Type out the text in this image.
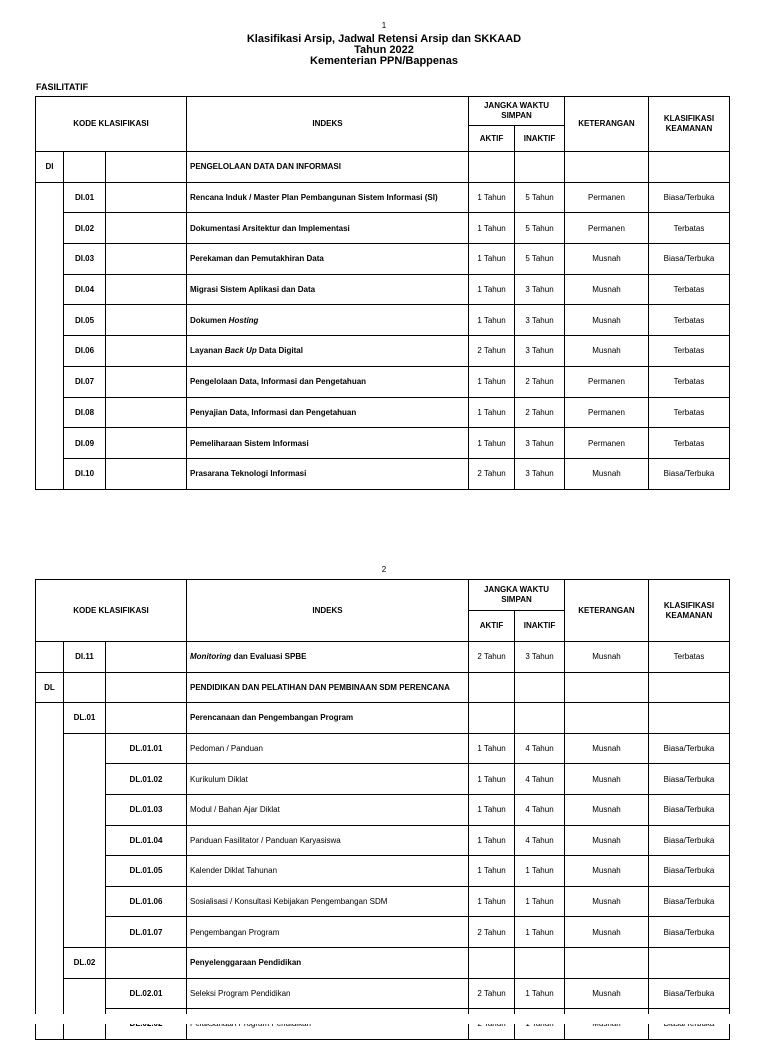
1
Klasifikasi Arsip, Jadwal Retensi Arsip dan SKKAAD
Tahun 2022
Kementerian PPN/Bappenas
FASILITATIF
KODE KLASIFIKASI			INDEKS	JANGKA WAKTU SIMPAN		KETERANGAN	KLASIFIKASI KEAMANAN
				AKTIF	INAKTIF		
DI			PENGELOLAAN DATA DAN INFORMASI				
	DI.01		Rencana Induk / Master Plan Pembangunan Sistem Informasi (SI)	1 Tahun	5 Tahun	Permanen	Biasa/Terbuka
	DI.02		Dokumentasi Arsitektur dan Implementasi	1 Tahun	5 Tahun	Permanen	Terbatas
	DI.03		Perekaman dan Pemutakhiran Data	1 Tahun	5 Tahun	Musnah	Biasa/Terbuka
	DI.04		Migrasi Sistem Aplikasi dan Data	1 Tahun	3 Tahun	Musnah	Terbatas
	DI.05		Dokumen Hosting	1 Tahun	3 Tahun	Musnah	Terbatas
	DI.06		Layanan Back Up Data Digital	2 Tahun	3 Tahun	Musnah	Terbatas
	DI.07		Pengelolaan Data, Informasi dan Pengetahuan	1 Tahun	2 Tahun	Permanen	Terbatas
	DI.08		Penyajian Data, Informasi dan Pengetahuan	1 Tahun	2 Tahun	Permanen	Terbatas
	DI.09		Pemeliharaan Sistem Informasi	1 Tahun	3 Tahun	Permanen	Terbatas
	DI.10		Prasarana Teknologi Informasi	2 Tahun	3 Tahun	Musnah	Biasa/Terbuka
2
KODE KLASIFIKASI			INDEKS	JANGKA WAKTU SIMPAN		KETERANGAN	KLASIFIKASI KEAMANAN
				AKTIF	INAKTIF		
	DI.11		Monitoring dan Evaluasi SPBE	2 Tahun	3 Tahun	Musnah	Terbatas
DL			PENDIDIKAN DAN PELATIHAN DAN PEMBINAAN SDM PERENCANA				
	DL.01		Perencanaan dan Pengembangan Program				
		DL.01.01	Pedoman / Panduan	1 Tahun	4 Tahun	Musnah	Biasa/Terbuka
		DL.01.02	Kurikulum Diklat	1 Tahun	4 Tahun	Musnah	Biasa/Terbuka
		DL.01.03	Modul / Bahan Ajar Diklat	1 Tahun	4 Tahun	Musnah	Biasa/Terbuka
		DL.01.04	Panduan Fasilitator / Panduan Karyasiswa	1 Tahun	4 Tahun	Musnah	Biasa/Terbuka
		DL.01.05	Kalender Diklat Tahunan	1 Tahun	1 Tahun	Musnah	Biasa/Terbuka
		DL.01.06	Sosialisasi / Konsultasi Kebijakan Pengembangan SDM	1 Tahun	1 Tahun	Musnah	Biasa/Terbuka
		DL.01.07	Pengembangan Program	2 Tahun	1 Tahun	Musnah	Biasa/Terbuka
	DL.02		Penyelenggaraan Pendidikan				
		DL.02.01	Seleksi Program Pendidikan	2 Tahun	1 Tahun	Musnah	Biasa/Terbuka
